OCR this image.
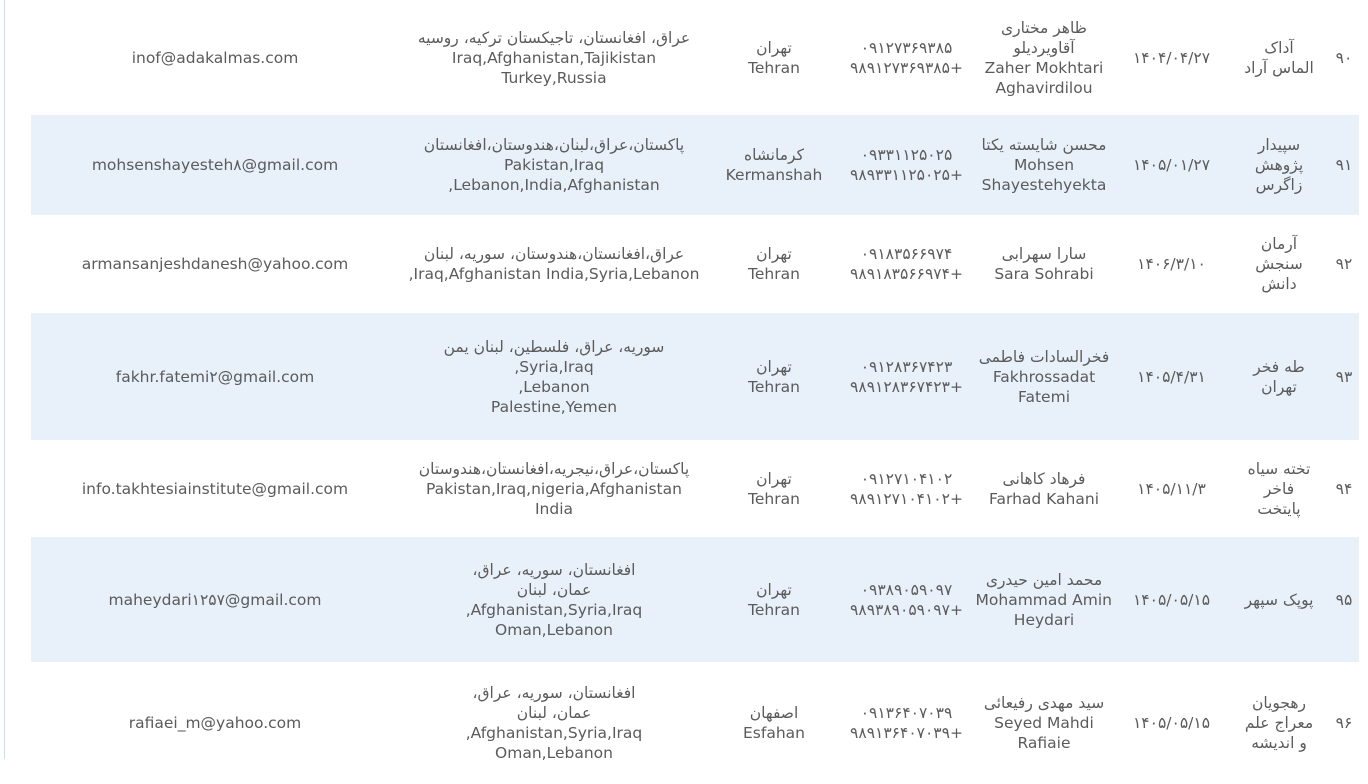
۹۰	آداک
الماس آراد	۱۴۰۴/۰۴/۲۷	ظاهر مختاری
آقاویردیلو
Zaher Mokhtari
Aghavirdilou	۰۹۱۲۷۳۶۹۳۸۵
+۹۸۹۱۲۷۳۶۹۳۸۵	تهران
Tehran	عراق، افغانستان، تاجیکستان ترکیه، روسیه
Iraq,Afghanistan,Tajikistan
Turkey,Russia	inof@adakalmas.com
۹۱	سپیدار
پژوهش
زاگرس	۱۴۰۵/۰۱/۲۷	محسن شایسته یکتا
Mohsen
Shayestehyekta	۰۹۳۳۱۱۲۵۰۲۵
+۹۸۹۳۳۱۱۲۵۰۲۵	کرمانشاه
Kermanshah	پاکستان،عراق،لبنان،هندوستان،افغانستان
Pakistan,Iraq
Lebanon,India,Afghanistan,	mohsenshayesteh۸@gmail.com
۹۲	آرمان
سنجش
دانش	۱۴۰۶/۳/۱۰	سارا سهرابی
Sara Sohrabi	۰۹۱۸۳۵۶۶۹۷۴
+۹۸۹۱۸۳۵۶۶۹۷۴	تهران
Tehran	عراق،افغانستان،هندوستان، سوریه، لبنان
Iraq,Afghanistan India,Syria,Lebanon,	armansanjeshdanesh@yahoo.com
۹۳	طه فخر
تهران	۱۴۰۵/۴/۳۱	فخرالسادات فاطمی
Fakhrossadat
Fatemi	۰۹۱۲۸۳۶۷۴۲۳
+۹۸۹۱۲۸۳۶۷۴۲۳	تهران
Tehran	سوریه، عراق، فلسطین، لبنان یمن
Syria,Iraq,
Lebanon,
Palestine,Yemen	fakhr.fatemi۲@gmail.com
۹۴	تخته سیاه
فاخر
پایتخت	۱۴۰۵/۱۱/۳	فرهاد کاهانی
Farhad Kahani	۰۹۱۲۷۱۰۴۱۰۲
+۹۸۹۱۲۷۱۰۴۱۰۲	تهران
Tehran	پاکستان،عراق،نیجریه،افغانستان،هندوستان
Pakistan,Iraq,nigeria,Afghanistan
India	info.takhtesiainstitute@gmail.com
۹۵	پوپک سپهر	۱۴۰۵/۰۵/۱۵	محمد امین حیدری
Mohammad Amin
Heydari	۰۹۳۸۹۰۵۹۰۹۷
+۹۸۹۳۸۹۰۵۹۰۹۷	تهران
Tehran	افغانستان، سوریه، عراق،
عمان، لبنان
Afghanistan,Syria,Iraq,
Oman,Lebanon	maheydari۱۲۵۷@gmail.com
۹۶	رهجویان
معراج علم
و اندیشه	۱۴۰۵/۰۵/۱۵	سید مهدی رفیعائی
Seyed Mahdi
Rafiaie	۰۹۱۳۶۴۰۷۰۳۹
+۹۸۹۱۳۶۴۰۷۰۳۹	اصفهان
Esfahan	افغانستان، سوریه، عراق،
عمان، لبنان
Afghanistan,Syria,Iraq,
Oman,Lebanon	rafiaei_m@yahoo.com
